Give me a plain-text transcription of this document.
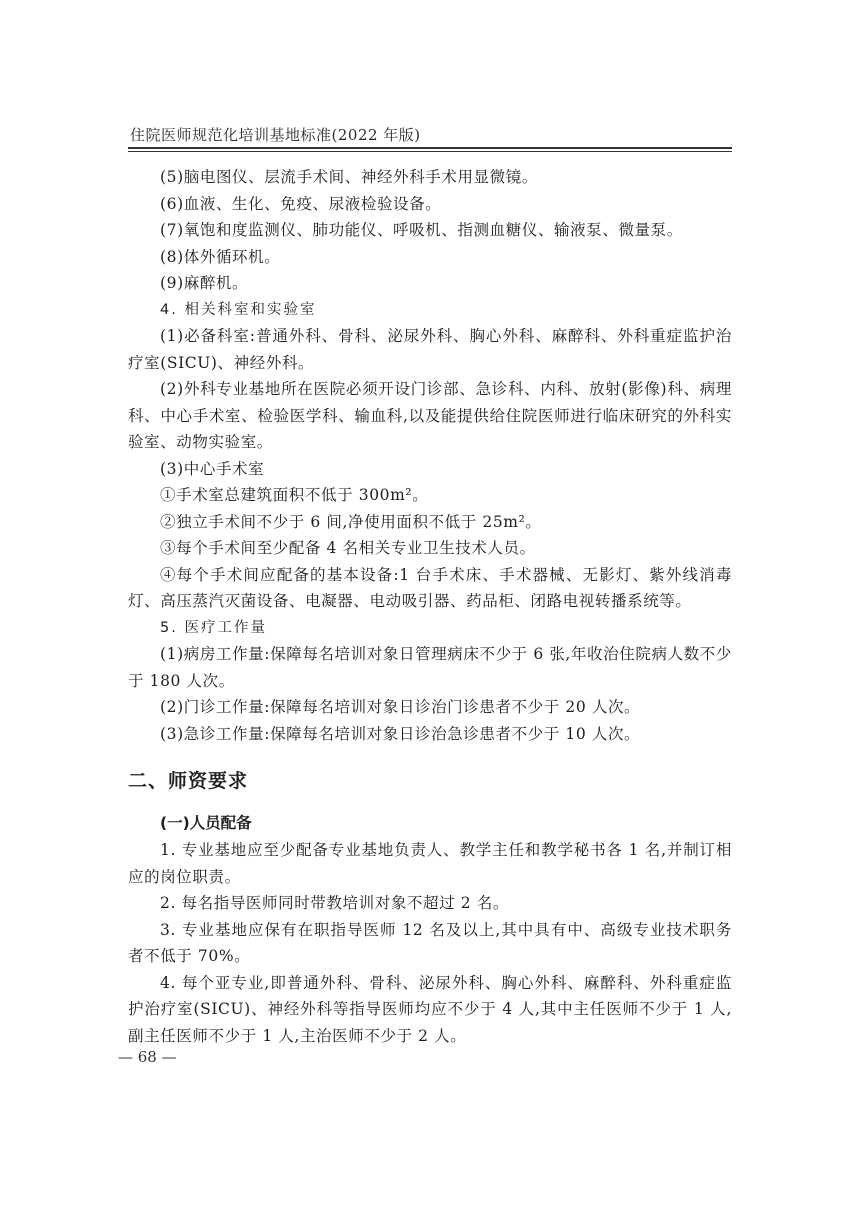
住院医师规范化培训基地标准(2022 年版)

(5)脑电图仪、层流手术间、神经外科手术用显微镜。

(6)血液、生化、免疫、尿液检验设备。

(7)氧饱和度监测仪、肺功能仪、呼吸机、指测血糖仪、输液泵、微量泵。

(8)体外循环机。

(9)麻醉机。

4. 相关科室和实验室

(1)必备科室:普通外科、骨科、泌尿外科、胸心外科、麻醉科、外科重症监护治疗室(SICU)、神经外科。

(2)外科专业基地所在医院必须开设门诊部、急诊科、内科、放射(影像)科、病理科、中心手术室、检验医学科、输血科,以及能提供给住院医师进行临床研究的外科实验室、动物实验室。

(3)中心手术室

①手术室总建筑面积不低于 300m²。

②独立手术间不少于 6 间,净使用面积不低于 25m²。

③每个手术间至少配备 4 名相关专业卫生技术人员。

④每个手术间应配备的基本设备:1 台手术床、手术器械、无影灯、紫外线消毒灯、高压蒸汽灭菌设备、电凝器、电动吸引器、药品柜、闭路电视转播系统等。

5. 医疗工作量

(1)病房工作量:保障每名培训对象日管理病床不少于 6 张,年收治住院病人数不少于 180 人次。

(2)门诊工作量:保障每名培训对象日诊治门诊患者不少于 20 人次。

(3)急诊工作量:保障每名培训对象日诊治急诊患者不少于 10 人次。

二、师资要求
(一)人员配备

1. 专业基地应至少配备专业基地负责人、教学主任和教学秘书各 1 名,并制订相应的岗位职责。

2. 每名指导医师同时带教培训对象不超过 2 名。

3. 专业基地应保有在职指导医师 12 名及以上,其中具有中、高级专业技术职务者不低于 70%。

4. 每个亚专业,即普通外科、骨科、泌尿外科、胸心外科、麻醉科、外科重症监护治疗室(SICU)、神经外科等指导医师均应不少于 4 人,其中主任医师不少于 1 人,副主任医师不少于 1 人,主治医师不少于 2 人。

— 68 —
